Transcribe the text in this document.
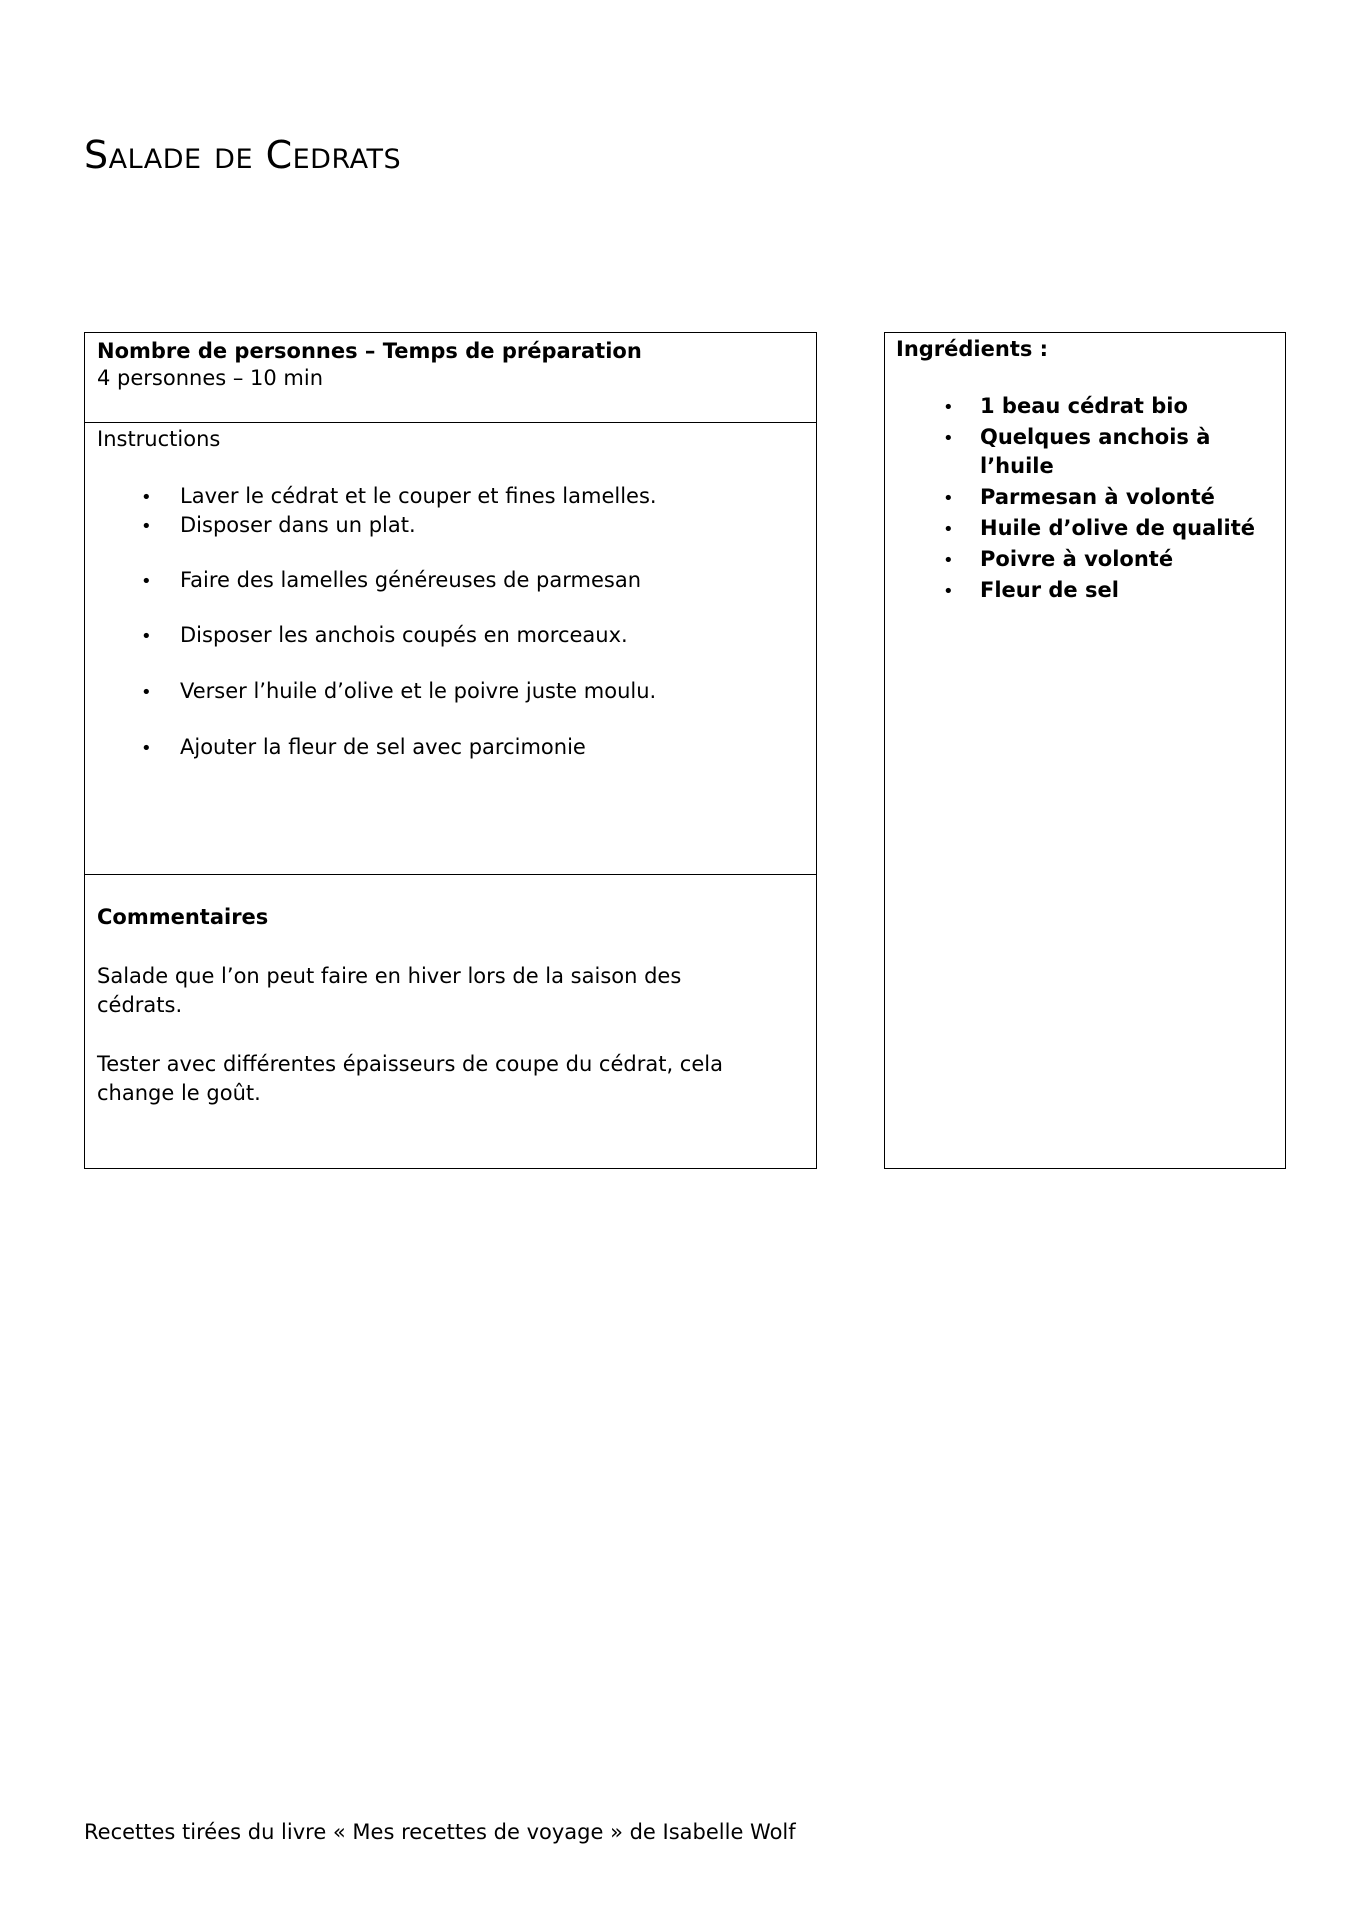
Salade de Cedrats
Nombre de personnes – Temps de préparation
4 personnes – 10 min
Instructions
• Laver le cédrat et le couper et fines lamelles.
• Disposer dans un plat.
• Faire des lamelles généreuses de parmesan
• Disposer les anchois coupés en morceaux.
• Verser l’huile d’olive et le poivre juste moulu.
• Ajouter la fleur de sel avec parcimonie
Commentaires
Salade que l’on peut faire en hiver lors de la saison des
cédrats.
Tester avec différentes épaisseurs de coupe du cédrat, cela
change le goût.
Ingrédients :
• 1 beau cédrat bio
• Quelques anchois à
l’huile
• Parmesan à volonté
• Huile d’olive de qualité
• Poivre à volonté
• Fleur de sel
Recettes tirées du livre « Mes recettes de voyage » de Isabelle Wolf
